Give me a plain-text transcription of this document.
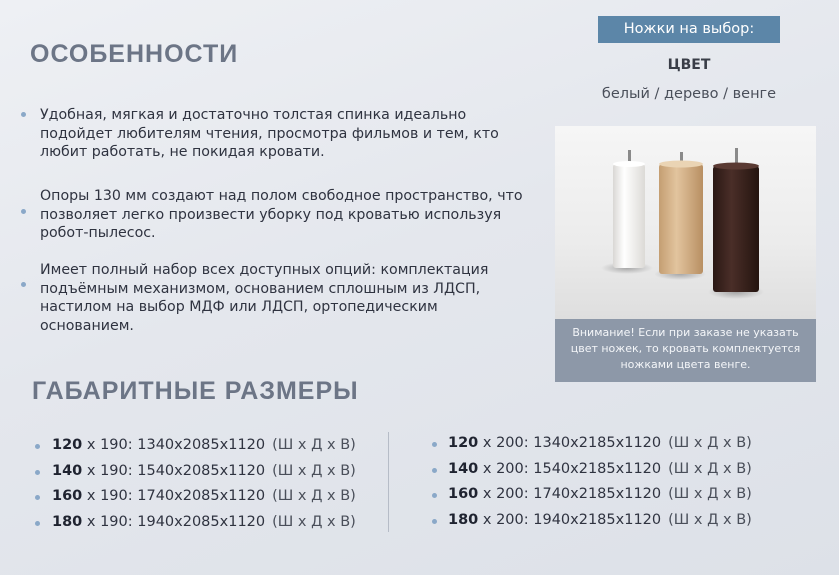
ОСОБЕННОСТИ

Удобная, мягкая и достаточно толстая спинка идеально подойдет любителям чтения, просмотра фильмов и тем, кто любит работать, не покидая кровати.

Опоры 130 мм создают над полом свободное пространство, что позволяет легко произвести уборку под кроватью используя робот-пылесос.

Имеет полный набор всех доступных опций: комплектация подъёмным механизмом, основанием сплошным из ЛДСП, настилом на выбор МДФ или ЛДСП, ортопедическим основанием.

Ножки на выбор:
ЦВЕТ
белый / дерево / венге
Внимание! Если при заказе не указать цвет ножек, то кровать комплектуется ножками цвета венге.
ГАБАРИТНЫЕ РАЗМЕРЫ
120 х 190: 1340х2085х1120 (Ш х Д х В)
140 х 190: 1540х2085х1120 (Ш х Д х В)
160 х 190: 1740х2085х1120 (Ш х Д х В)
180 х 190: 1940х2085х1120 (Ш х Д х В)
120 х 200: 1340х2185х1120 (Ш х Д х В)
140 х 200: 1540х2185х1120 (Ш х Д х В)
160 х 200: 1740х2185х1120 (Ш х Д х В)
180 х 200: 1940х2185х1120 (Ш х Д х В)
